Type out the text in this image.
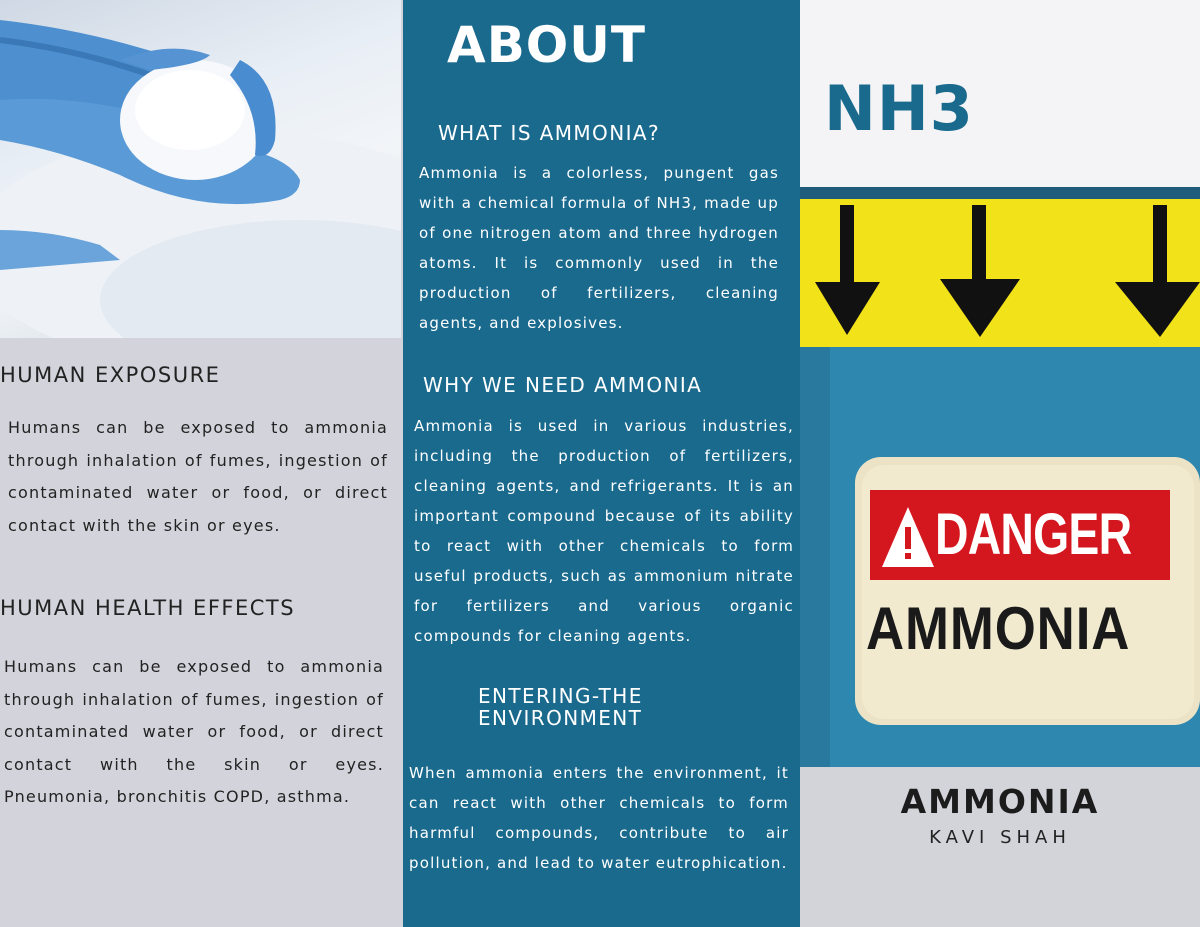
HUMAN EXPOSURE
Humans can be exposed to ammonia through inhalation of fumes, ingestion of contaminated water or food, or direct contact with the skin or eyes.
HUMAN HEALTH EFFECTS
Humans can be exposed to ammonia through inhalation of fumes, ingestion of contaminated water or food, or direct contact with the skin or eyes. Pneumonia, bronchitis COPD, asthma.
ABOUT
WHAT IS AMMONIA?
Ammonia is a colorless, pungent gas with a chemical formula of NH3, made up of one nitrogen atom and three hydrogen atoms. It is commonly used in the production of fertilizers, cleaning agents, and explosives.
WHY WE NEED AMMONIA
Ammonia is used in various industries, including the production of fertilizers, cleaning agents, and refrigerants. It is an important compound because of its ability to react with other chemicals to form useful products, such as ammonium nitrate for fertilizers and various organic compounds for cleaning agents.
ENTERING-THE
ENVIRONMENT
When ammonia enters the environment, it can react with other chemicals to form harmful compounds, contribute to air pollution, and lead to water eutrophication.
NH3
DANGER
AMMONIA
AMMONIA
KAVI SHAH
